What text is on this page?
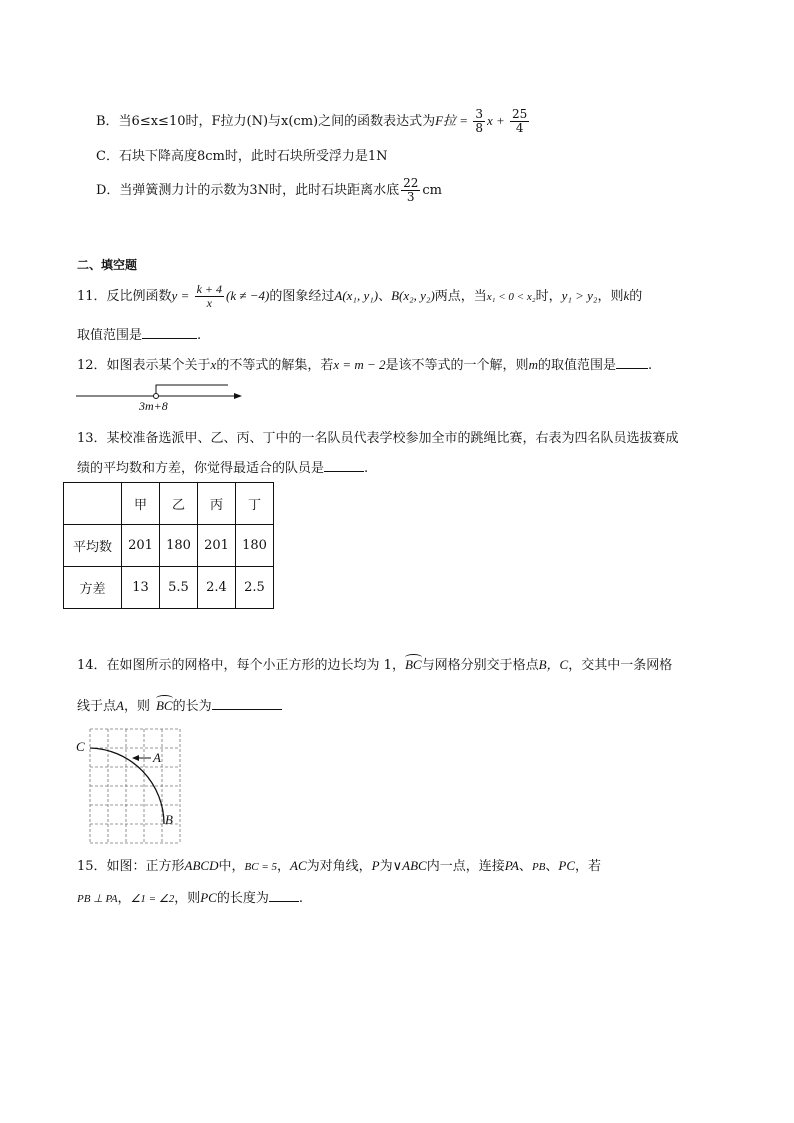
B．当6≤x≤10时，F拉力(N)与x(cm)之间的函数表达式为F拉 = $\frac{3}{8}$ $x + \frac{25}{4}$
C．石块下降高度8cm时，此时石块所受浮力是1N
D．当弹簧测力计的示数为3N时，此时石块距离水底 $\frac{22}{3}$ cm
二、填空题
11．反比例函数$y = \frac{k + 4}{x} (k \ne -4)$的图象经过A(x₁, y₁)、B(x₂, y₂)两点，当x₁ < 0 < x₂时，y₁ > y₂，则k的
取值范围是	.
12．如图表示某个关于x的不等式的解集，若x = m − 2是该不等式的一个解，则m的取值范围是 .
3m+8
13．某校准备选派甲、乙、丙、丁中的一名队员代表学校参加全市的跳绳比赛，右表为四名队员选拔赛成
绩的平均数和方差，你觉得最适合的队员是	.
	甲	乙	丙	丁
平均数	201	180	201	180
方差	13	5.5	2.4	2.5
14．在如图所示的网格中，每个小正方形的边长均为 1，
BC与网格分别交于格点B，C，交其中一条网格
线于点A，则 BC的长为
C
A
B
15．如图：正方形ABCD中，BC = 5，AC为对角线，P为∨ABC内一点，连接PA、PB、PC，若
PB ⊥ PA，∠1 = ∠2，则PC的长度为 .
